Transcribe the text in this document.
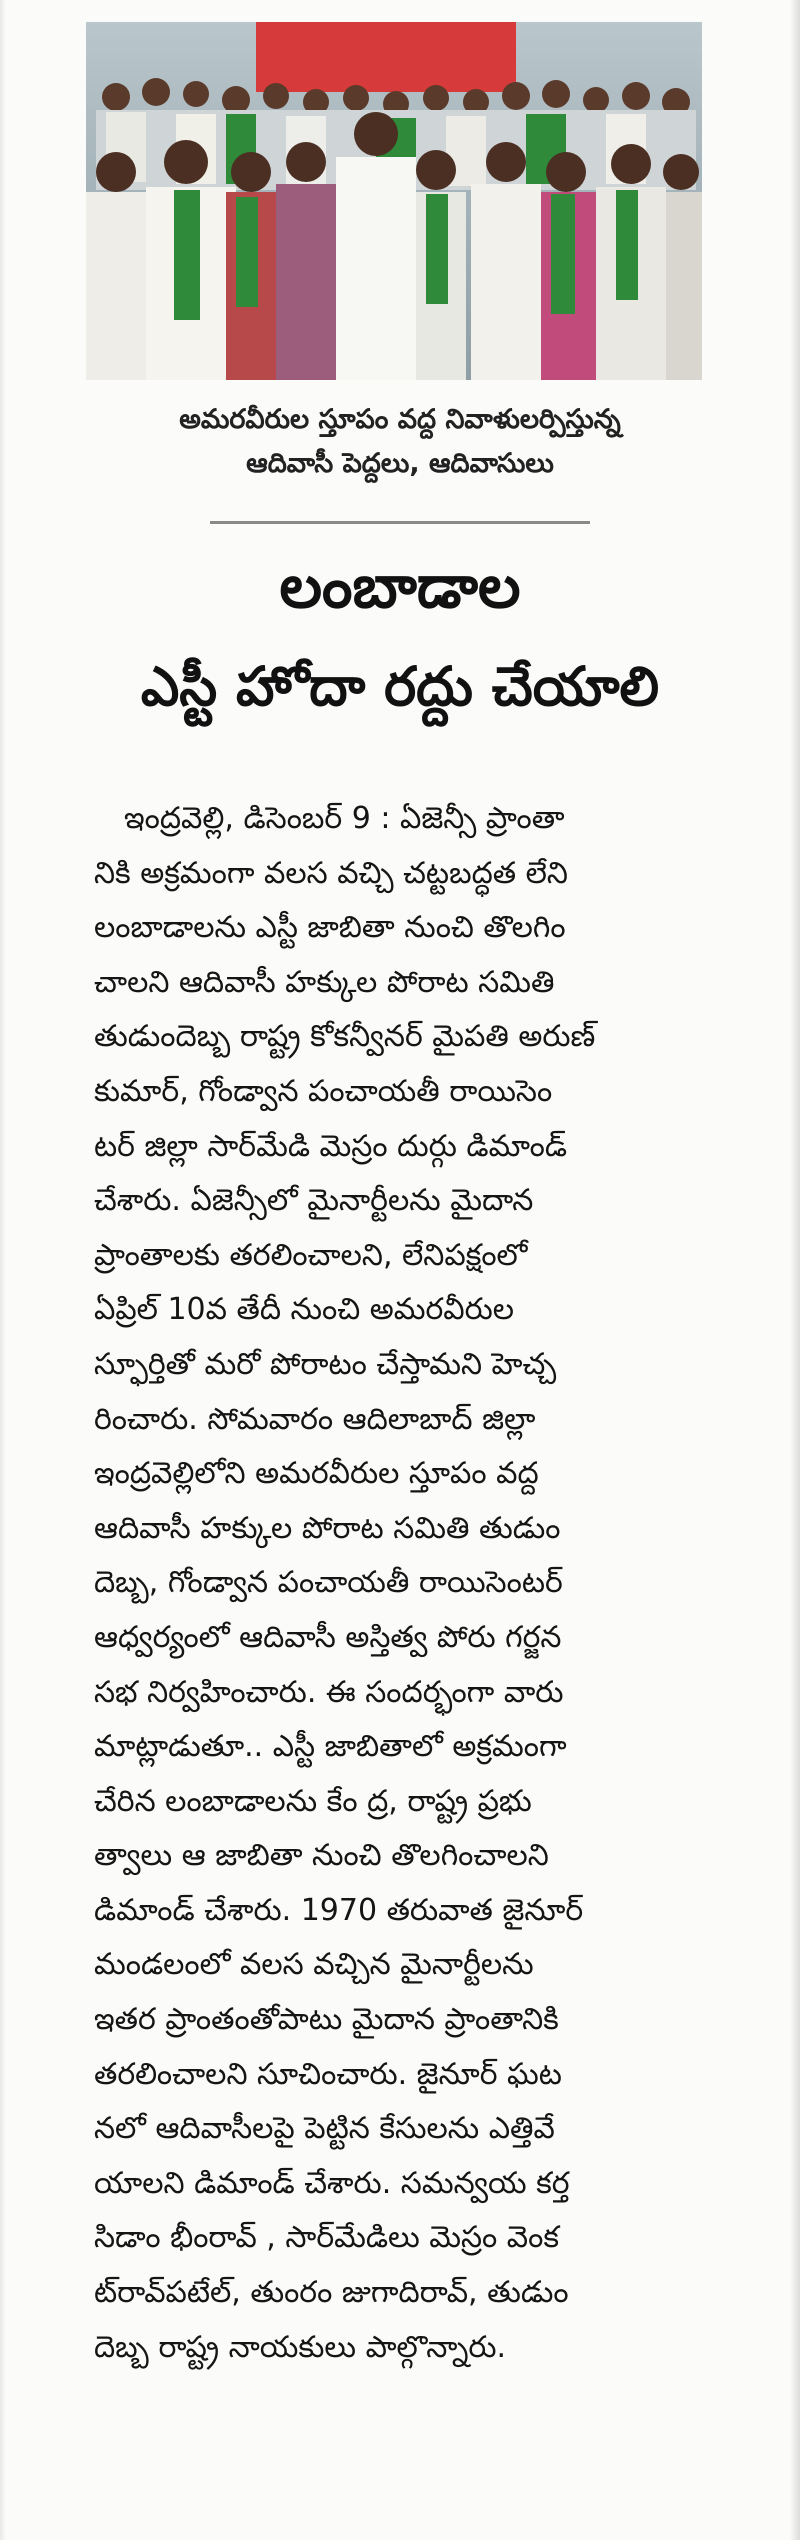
అమరవీరుల స్తూపం వద్ద నివాళులర్పిస్తున్న
ఆదివాసీ పెద్దలు, ఆదివాసులు
లంబాడాల
ఎస్టీ హోదా రద్దు చేయాలి
ఇంద్రవెల్లి, డిసెంబర్ 9 : ఏజెన్సీ ప్రాంతా
నికి అక్రమంగా వలస వచ్చి చట్టబద్ధత లేని
లంబాడాలను ఎస్టీ జాబితా నుంచి తొలగిం
చాలని ఆదివాసీ హక్కుల పోరాట సమితి
తుడుందెబ్బ రాష్ట్ర కోకన్వీనర్ మైపతి అరుణ్
కుమార్, గోండ్వాన పంచాయతీ రాయిసెం
టర్ జిల్లా సార్‌మేడి మెస్రం దుర్గు డిమాండ్
చేశారు. ఏజెన్సీలో మైనార్టీలను మైదాన
ప్రాంతాలకు తరలించాలని, లేనిపక్షంలో
ఏప్రిల్ 10వ తేదీ నుంచి అమరవీరుల
స్ఫూర్తితో మరో పోరాటం చేస్తామని హెచ్చ
రించారు. సోమవారం ఆదిలాబాద్ జిల్లా
ఇంద్రవెల్లిలోని అమరవీరుల స్తూపం వద్ద
ఆదివాసీ హక్కుల పోరాట సమితి తుడుం
దెబ్బ, గోండ్వాన పంచాయతీ రాయిసెంటర్
ఆధ్వర్యంలో ఆదివాసీ అస్తిత్వ పోరు గర్జన
సభ నిర్వహించారు. ఈ సందర్భంగా వారు
మాట్లాడుతూ.. ఎస్టీ జాబితాలో అక్రమంగా
చేరిన లంబాడాలను కేం ద్ర, రాష్ట్ర ప్రభు
త్వాలు ఆ జాబితా నుంచి తొలగించాలని
డిమాండ్ చేశారు. 1970 తరువాత జైనూర్
మండలంలో వలస వచ్చిన మైనార్టీలను
ఇతర ప్రాంతంతోపాటు మైదాన ప్రాంతానికి
తరలించాలని సూచించారు. జైనూర్ ఘట
నలో ఆదివాసీలపై పెట్టిన కేసులను ఎత్తివే
యాలని డిమాండ్ చేశారు. సమన్వయ కర్త
సిడాం భీంరావ్ , సార్‌మేడిలు మెస్రం వెంక
ట్‌రావ్‌పటేల్, తుంరం జుగాదిరావ్, తుడుం
దెబ్బ రాష్ట్ర నాయకులు పాల్గొన్నారు.
